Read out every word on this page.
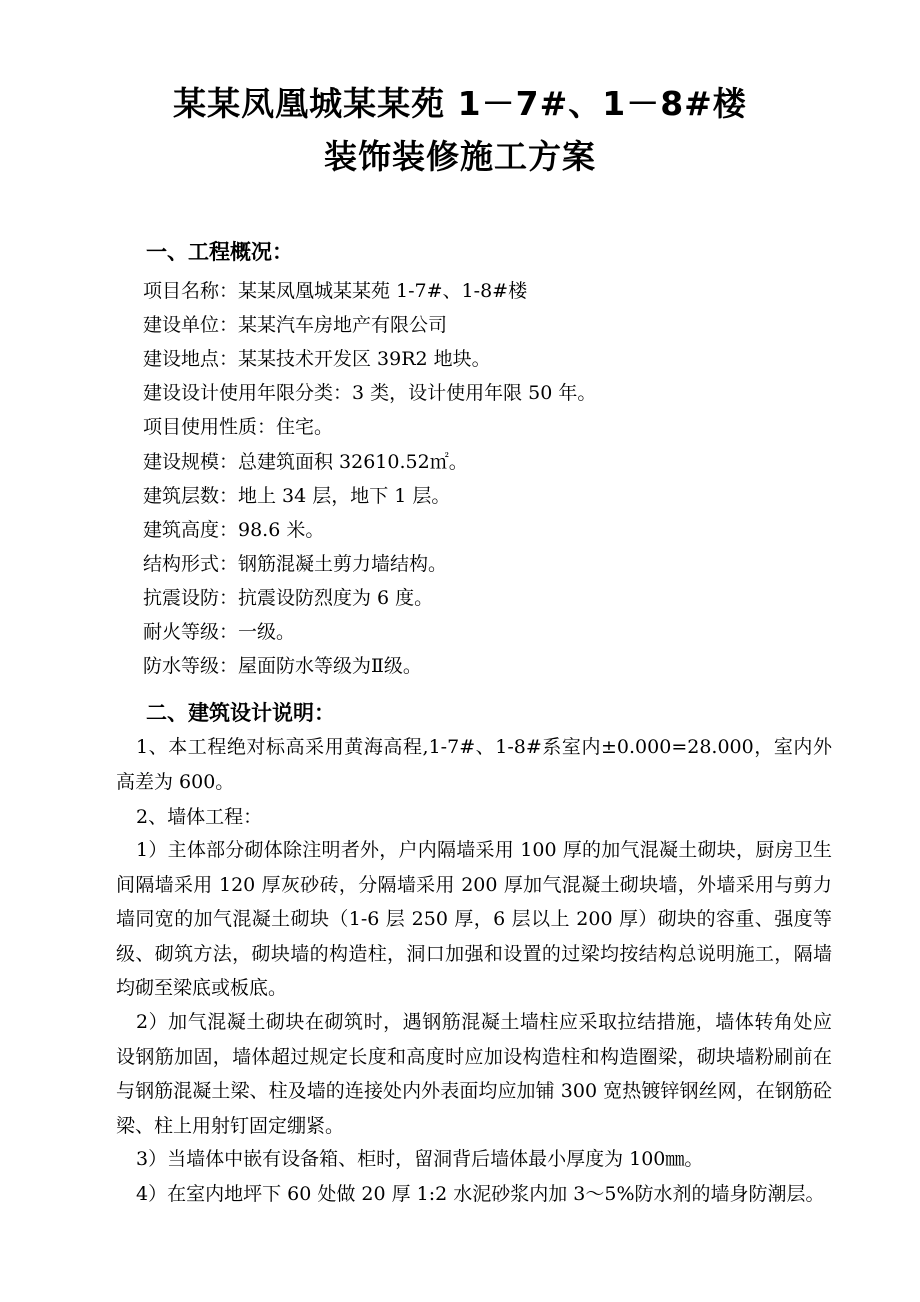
某某凤凰城某某苑 1－7#、1－8#楼
装饰装修施工方案
一、工程概况：
项目名称：某某凤凰城某某苑 1-7#、1-8#楼
建设单位：某某汽车房地产有限公司
建设地点：某某技术开发区 39R2 地块。
建设设计使用年限分类：3 类，设计使用年限 50 年。
项目使用性质：住宅。
建设规模：总建筑面积 32610.52㎡。
建筑层数：地上 34 层，地下 1 层。
建筑高度：98.6 米。
结构形式：钢筋混凝土剪力墙结构。
抗震设防：抗震设防烈度为 6 度。
耐火等级：一级。
防水等级：屋面防水等级为Ⅱ级。
二、建筑设计说明：
1、本工程绝对标高采用黄海高程,1-7#、1-8#系室内±0.000=28.000，室内外高差为 600。
2、墙体工程：
1）主体部分砌体除注明者外，户内隔墙采用 100 厚的加气混凝土砌块，厨房卫生间隔墙采用 120 厚灰砂砖，分隔墙采用 200 厚加气混凝土砌块墙，外墙采用与剪力墙同宽的加气混凝土砌块（1-6 层 250 厚，6 层以上 200 厚）砌块的容重、强度等级、砌筑方法，砌块墙的构造柱，洞口加强和设置的过梁均按结构总说明施工，隔墙均砌至梁底或板底。
2）加气混凝土砌块在砌筑时，遇钢筋混凝土墙柱应采取拉结措施，墙体转角处应设钢筋加固，墙体超过规定长度和高度时应加设构造柱和构造圈梁，砌块墙粉刷前在与钢筋混凝土梁、柱及墙的连接处内外表面均应加铺 300 宽热镀锌钢丝网，在钢筋砼梁、柱上用射钉固定绷紧。
3）当墙体中嵌有设备箱、柜时，留洞背后墙体最小厚度为 100㎜。
4）在室内地坪下 60 处做 20 厚 1:2 水泥砂浆内加 3～5%防水剂的墙身防潮层。
